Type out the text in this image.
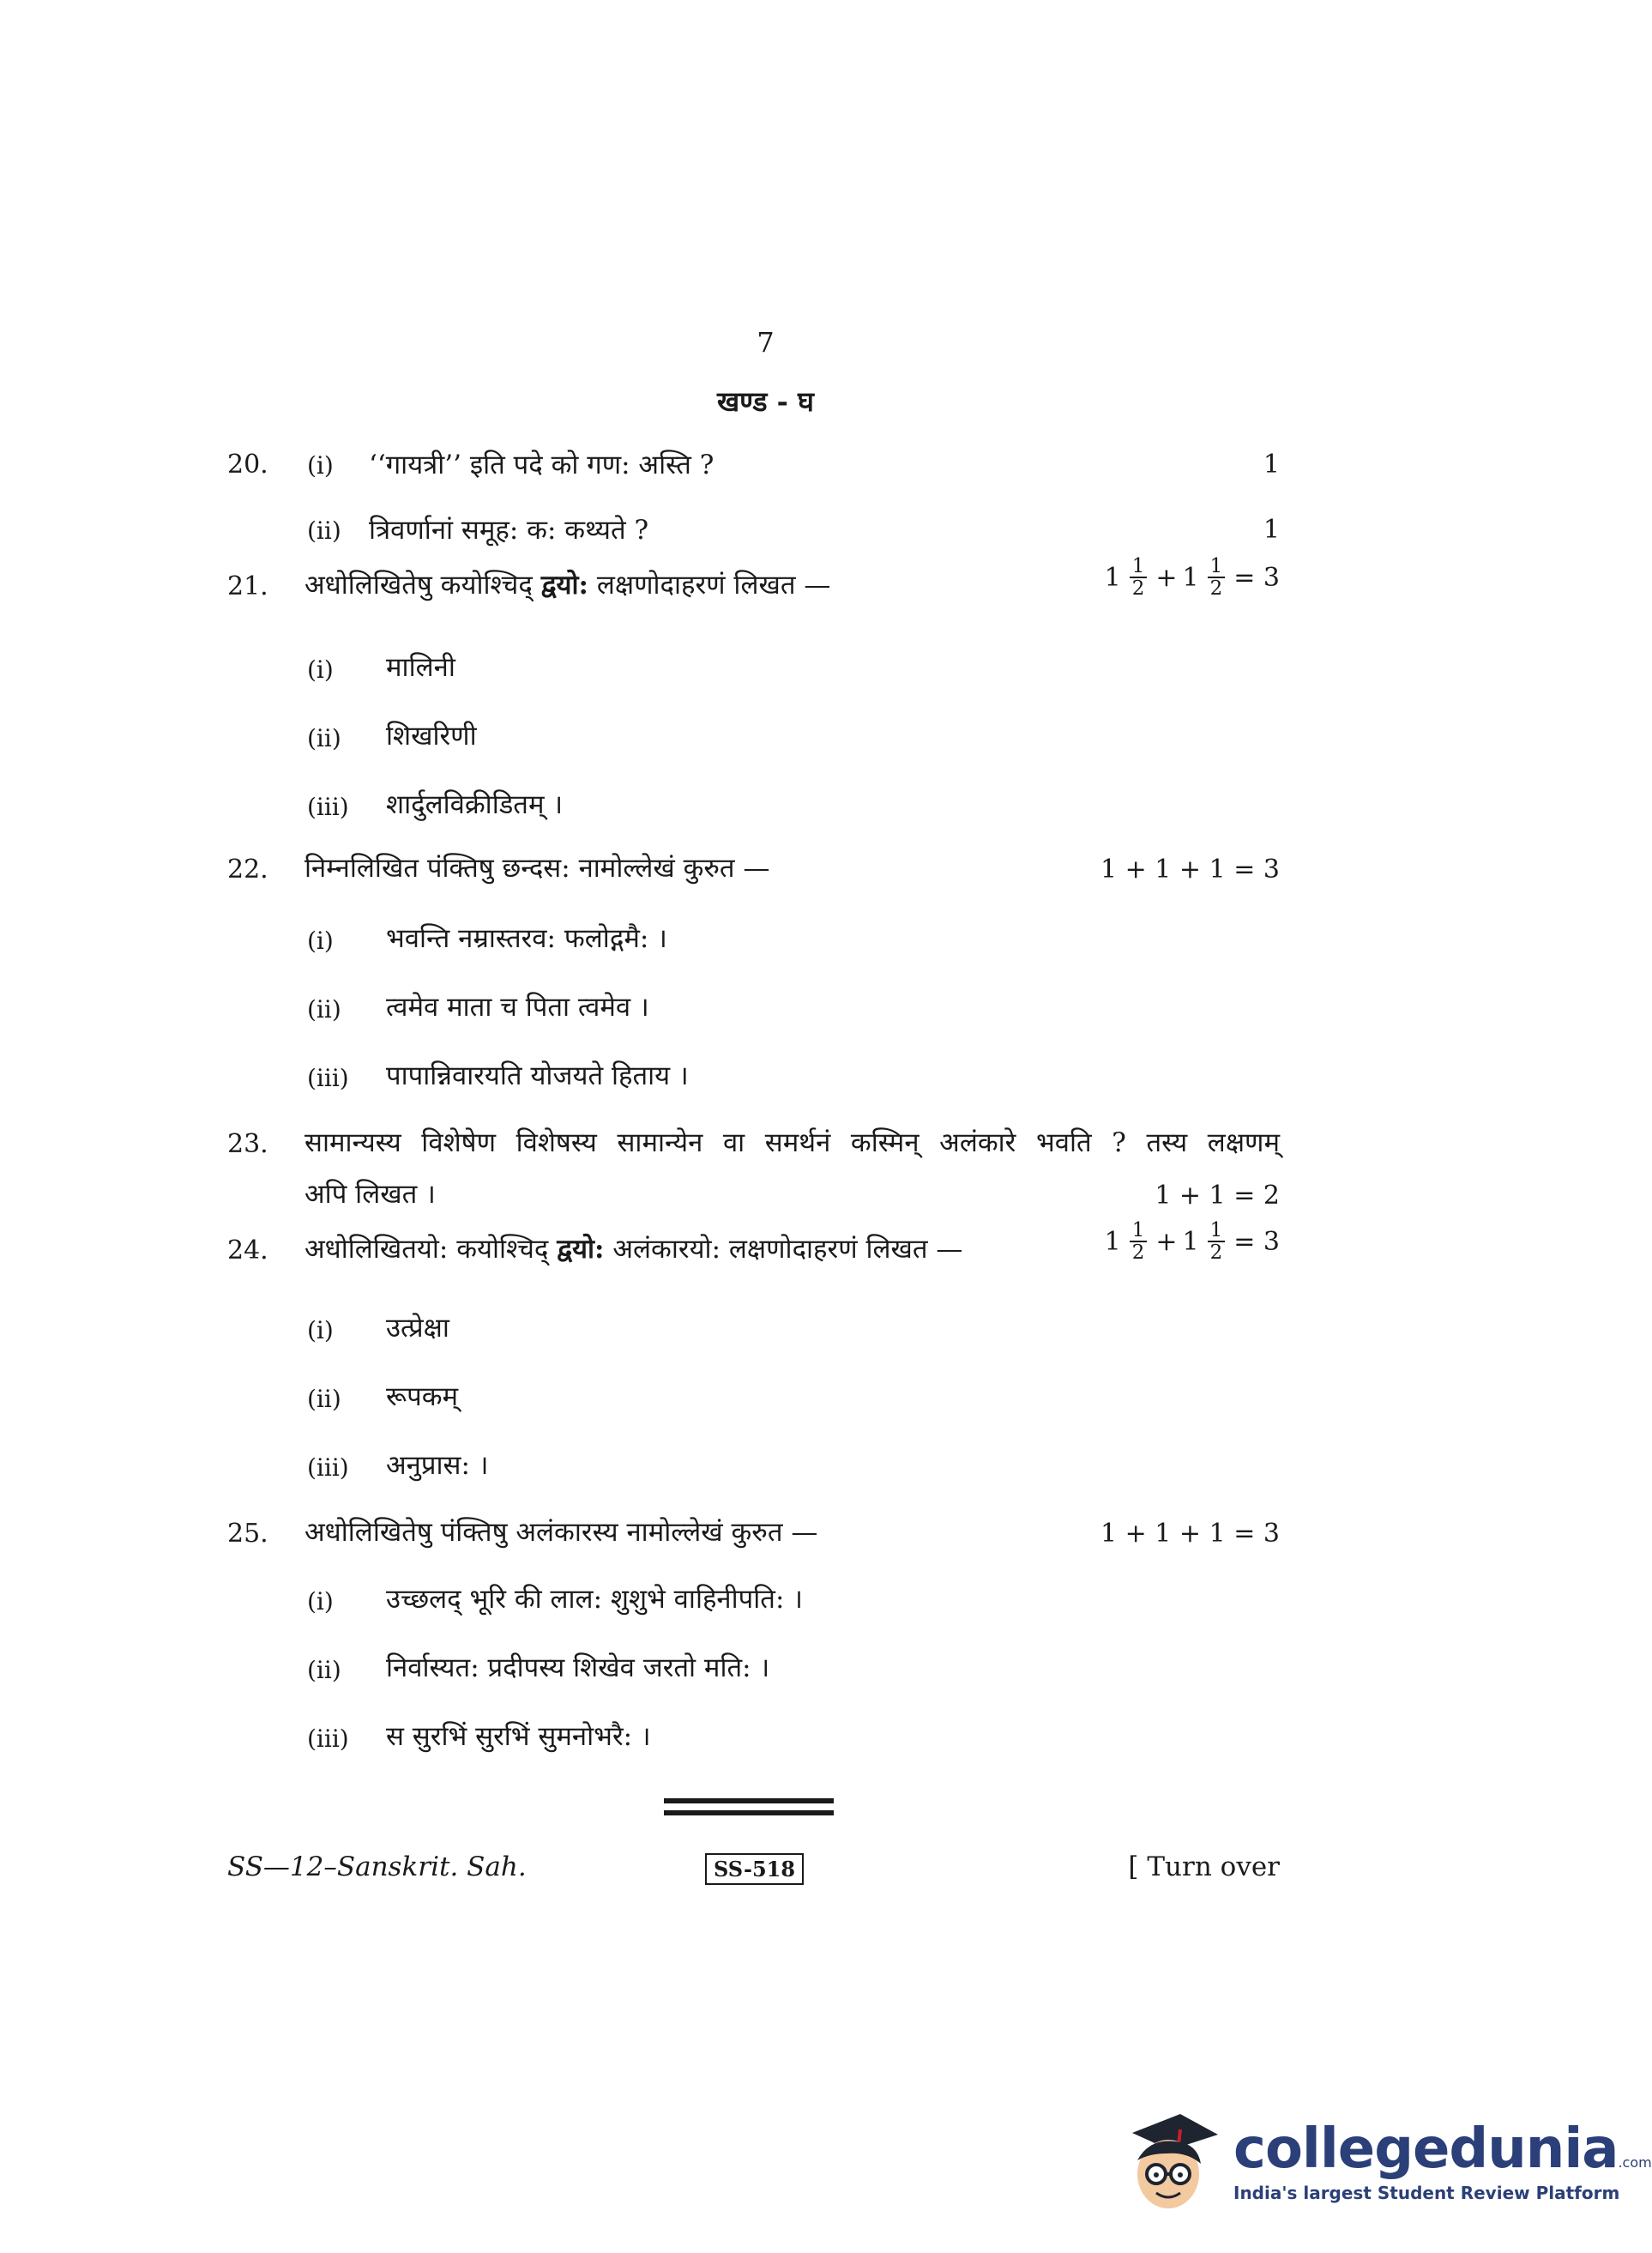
7
खण्ड - घ
20. (i) ‘‘गायत्री’’ इति पदे को गण: अस्ति ?	1
(ii) त्रिवर्णानां समूह: क: कथ्यते ?	1
21. अधोलिखितेषु कयोश्चिद् द्वयो: लक्षणोदाहरणं लिखत —	$1 \frac{1}{2} + 1 \frac{1}{2} = 3$
(i) मालिनी
(ii) शिखरिणी
(iii) शार्दुलविक्रीडितम् ।
22. निम्नलिखित पंक्तिषु छन्दस: नामोल्लेखं कुरुत —	1 + 1 + 1 = 3
(i) भवन्ति नम्रास्तरव: फलोद्गमै: ।
(ii) त्वमेव माता च पिता त्वमेव ।
(iii) पापान्निवारयति योजयते हिताय ।
23. सामान्यस्य विशेषेण विशेषस्य सामान्येन वा समर्थनं कस्मिन् अलंकारे भवति ? तस्य लक्षणम्
अपि लिखत ।	1 + 1 = 2
24. अधोलिखितयो: कयोश्चिद् द्वयो: अलंकारयो: लक्षणोदाहरणं लिखत —	$1 \frac{1}{2} + 1 \frac{1}{2} = 3$
(i) उत्प्रेक्षा
(ii) रूपकम्
(iii) अनुप्रास: ।
25. अधोलिखितेषु पंक्तिषु अलंकारस्य नामोल्लेखं कुरुत —	1 + 1 + 1 = 3
(i) उच्छलद् भूरि की लाल: शुशुभे वाहिनीपति: ।
(ii) निर्वास्यत: प्रदीपस्य शिखेव जरतो मति: ।
(iii) स सुरभिं सुरभिं सुमनोभरै: ।
SS—12–Sanskrit. Sah.	SS-518	[ Turn over
collegedunia.com
India's largest Student Review Platform
